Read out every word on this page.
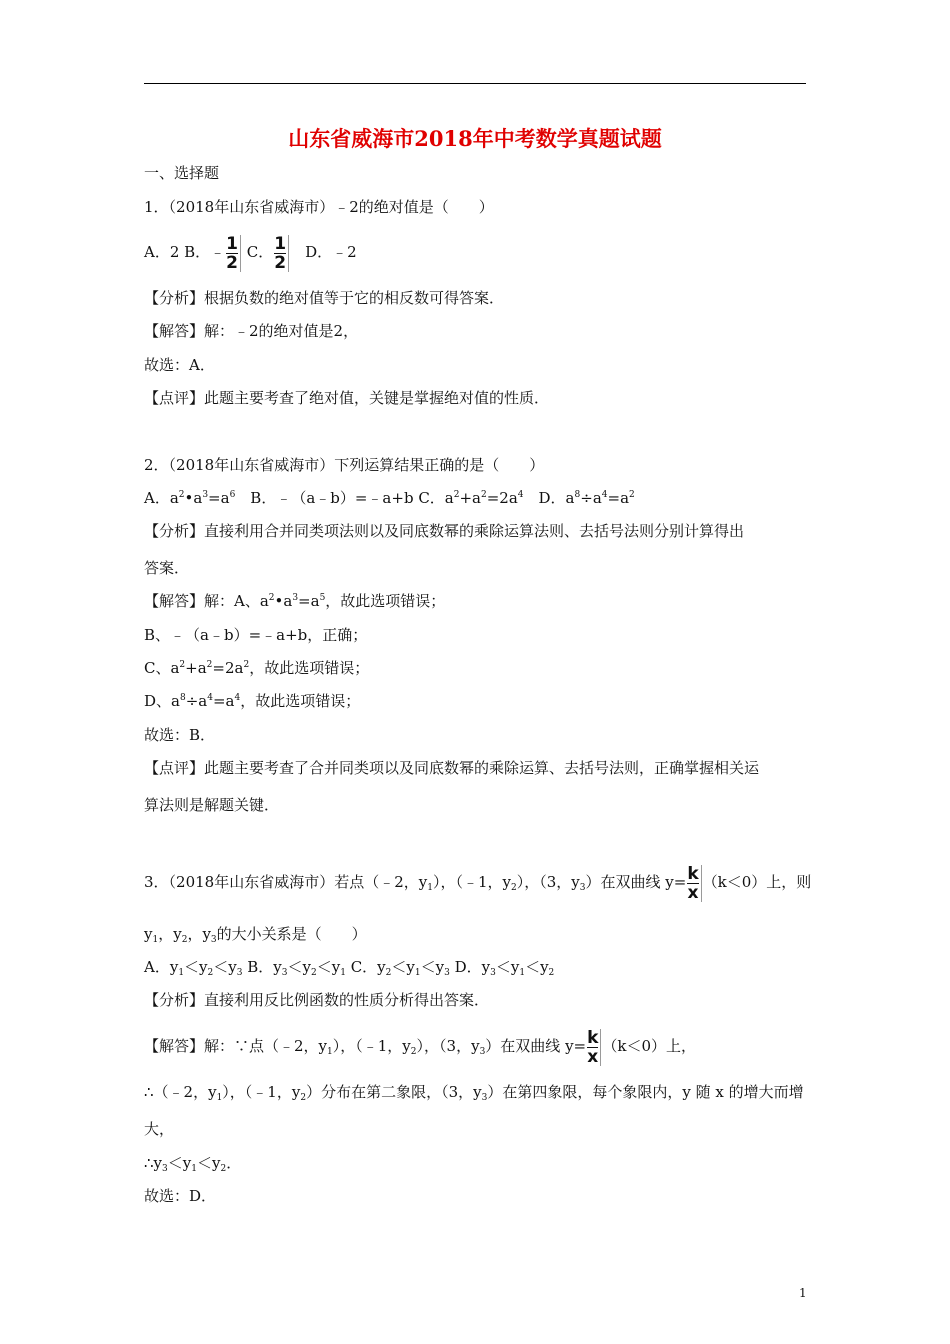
山东省威海市2018年中考数学真题试题
一、选择题
1．（2018年山东省威海市）﹣2的绝对值是（　　）
A．2 B．﹣ $\frac{1}{2}$ C． $\frac{1}{2}$ 　D．﹣2
【分析】根据负数的绝对值等于它的相反数可得答案．
【解答】解：﹣2的绝对值是2，
故选：A．
【点评】此题主要考查了绝对值，关键是掌握绝对值的性质．
2．（2018年山东省威海市）下列运算结果正确的是（　　）
A．$a^2•a^3=a^6$　B．﹣（a﹣b）=﹣a+b C．$a^2+a^2=2a^4$　D．$a^8\div a^4=a^2$
【分析】直接利用合并同类项法则以及同底数幂的乘除运算法则、去括号法则分别计算得出
答案．
【解答】解：A、$a^2•a^3=a^5$，故此选项错误；
B、﹣（a﹣b）=﹣a+b，正确；
C、$a^2+a^2=2a^2$，故此选项错误；
D、$a^8\div a^4=a^4$，故此选项错误；
故选：B．
【点评】此题主要考查了合并同类项以及同底数幂的乘除运算、去括号法则，正确掌握相关运
算法则是解题关键．
3．（2018年山东省威海市）若点（﹣2，$y_1$），（﹣1，$y_2$），（3，$y_3$）在双曲线 $y= \frac{k}{x} (k<0)$上，则
$y_1$，$y_2$，$y_3$的大小关系是（　　）
A．$y_1<y_2<y_3$ B．$y_3<y_2<y_1$ C．$y_2<y_1<y_3$ D．$y_3<y_1<y_2$
【分析】直接利用反比例函数的性质分析得出答案．
【解答】解：∵点（﹣2，$y_1$），（﹣1，$y_2$），（3，$y_3$）在双曲线 $y= \frac{k}{x} (k<0)$上，
∴（﹣2，$y_1$），（﹣1，$y_2$）分布在第二象限，（3，$y_3$）在第四象限，每个象限内，y 随 x 的增大而增
大，
$\therefore y_3<y_1<y_2$．
故选：D．
1
